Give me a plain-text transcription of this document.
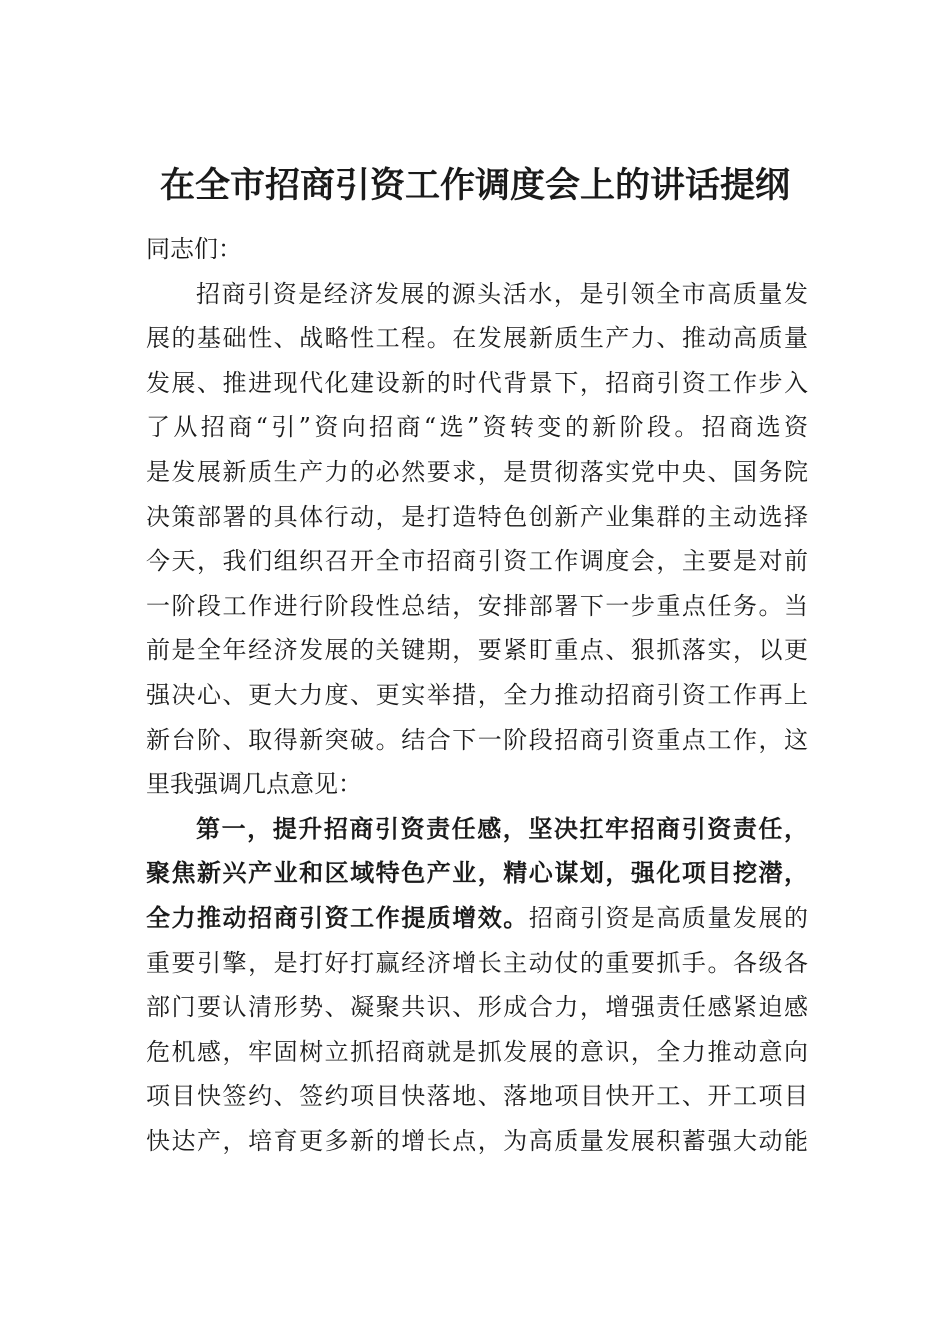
在全市招商引资工作调度会上的讲话提纲
同志们：
招商引资是经济发展的源头活水，是引领全市高质量发
展的基础性、战略性工程。在发展新质生产力、推动高质量
发展、推进现代化建设新的时代背景下，招商引资工作步入
了从招商“引”资向招商“选”资转变的新阶段。招商选资
是发展新质生产力的必然要求，是贯彻落实党中央、国务院
决策部署的具体行动，是打造特色创新产业集群的主动选择
今天，我们组织召开全市招商引资工作调度会，主要是对前
一阶段工作进行阶段性总结，安排部署下一步重点任务。当
前是全年经济发展的关键期，要紧盯重点、狠抓落实，以更
强决心、更大力度、更实举措，全力推动招商引资工作再上
新台阶、取得新突破。结合下一阶段招商引资重点工作，这
里我强调几点意见：
第一，提升招商引资责任感，坚决扛牢招商引资责任，
聚焦新兴产业和区域特色产业，精心谋划，强化项目挖潜，
全力推动招商引资工作提质增效。招商引资是高质量发展的
重要引擎，是打好打赢经济增长主动仗的重要抓手。各级各
部门要认清形势、凝聚共识、形成合力，增强责任感紧迫感
危机感，牢固树立抓招商就是抓发展的意识，全力推动意向
项目快签约、签约项目快落地、落地项目快开工、开工项目
快达产，培育更多新的增长点，为高质量发展积蓄强大动能
